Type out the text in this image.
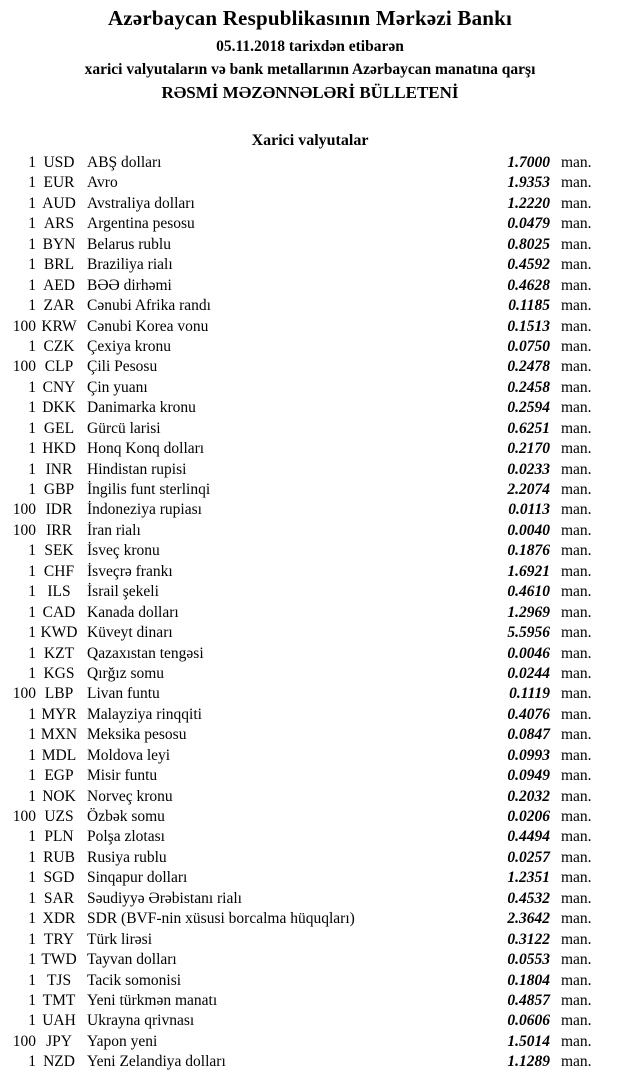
Azərbaycan Respublikasının Mərkəzi Bankı
05.11.2018 tarixdən etibarən
xarici valyutaların və bank metallarının Azərbaycan manatına qarşı
RƏSMİ MƏZƏNNƏLƏRİ BÜLLETENİ
Xarici valyutalar
1 USD ABŞ dolları	1.7000 man.
1 EUR Avro	1.9353 man.
1 AUD Avstraliya dolları	1.2220 man.
1 ARS Argentina pesosu	0.0479 man.
1 BYN Belarus rublu	0.8025 man.
1 BRL Braziliya rialı	0.4592 man.
1 AED BƏƏ dirhəmi	0.4628 man.
1 ZAR Cənubi Afrika randı	0.1185 man.
100 KRW Cənubi Korea vonu	0.1513 man.
1 CZK Çexiya kronu	0.0750 man.
100 CLP Çili Pesosu	0.2478 man.
1 CNY Çin yuanı	0.2458 man.
1 DKK Danimarka kronu	0.2594 man.
1 GEL Gürcü larisi	0.6251 man.
1 HKD Honq Konq dolları	0.2170 man.
1 INR Hindistan rupisi	0.0233 man.
1 GBP İngilis funt sterlinqi	2.2074 man.
100 IDR İndoneziya rupiası	0.0113 man.
100 IRR İran rialı	0.0040 man.
1 SEK İsveç kronu	0.1876 man.
1 CHF İsveçrə frankı	1.6921 man.
1 ILS	İsrail şekeli	0.4610 man.
1 CAD Kanada dolları	1.2969 man.
1 KWD Küveyt dinarı	5.5956 man.
1 KZT Qazaxıstan tengəsi	0.0046 man.
1 KGS Qırğız somu	0.0244 man.
100 LBP Livan funtu	0.1119 man.
1 MYR Malayziya rinqqiti	0.4076 man.
1 MXN Meksika pesosu	0.0847 man.
1 MDL Moldova leyi	0.0993 man.
1 EGP Misir funtu	0.0949 man.
1 NOK Norveç kronu	0.2032 man.
100 UZS Özbək somu	0.0206 man.
1 PLN Polşa zlotası	0.4494 man.
1 RUB Rusiya rublu	0.0257 man.
1 SGD Sinqapur dolları	1.2351 man.
1 SAR Səudiyyə Ərəbistanı rialı	0.4532 man.
1 XDR SDR (BVF-nin xüsusi borcalma hüquqları)	2.3642 man.
1 TRY Türk lirəsi	0.3122 man.
1 TWD Tayvan dolları	0.0553 man.
1 TJS	Tacik somonisi	0.1804 man.
1 TMT Yeni türkmən manatı	0.4857 man.
1 UAH Ukrayna qrivnası	0.0606 man.
100 JPY Yapon yeni	1.5014 man.
1 NZD Yeni Zelandiya dolları	1.1289 man.
